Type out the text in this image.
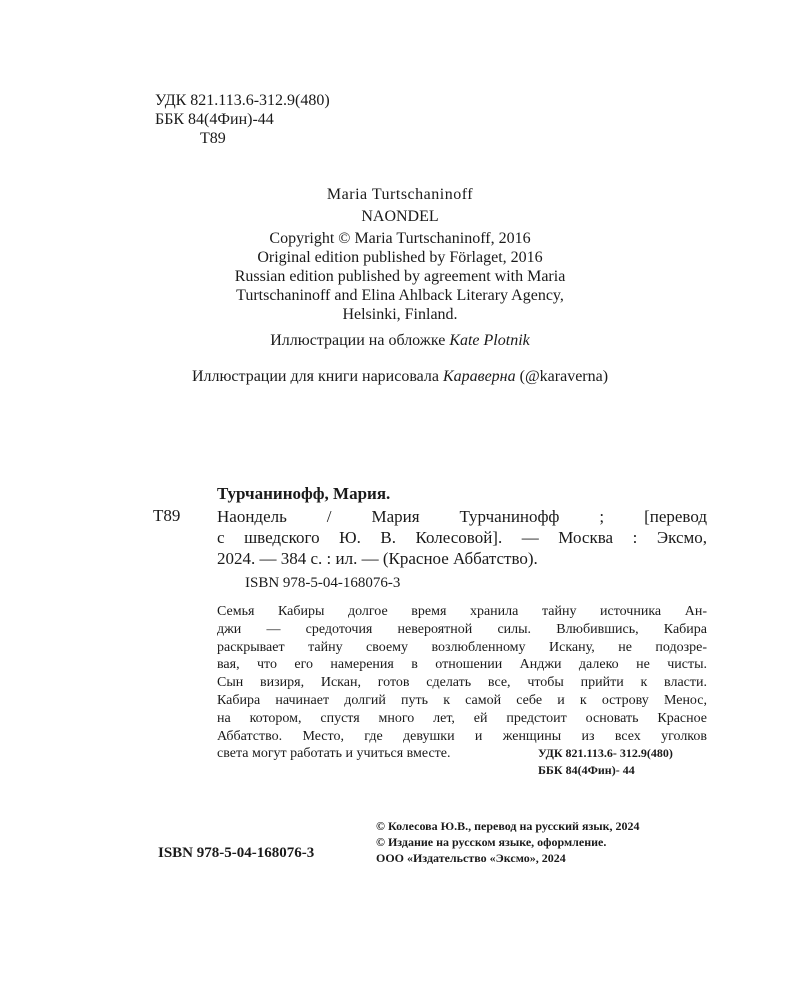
УДК 821.113.6-312.9(480)
ББК 84(4Фин)-44
Т89
Maria Turtschaninoff
NAONDEL
Copyright © Maria Turtschaninoff, 2016
Original edition published by Förlaget, 2016
Russian edition published by agreement with Maria
Turtschaninoff and Elina Ahlback Literary Agency,
Helsinki, Finland.
Иллюстрации на обложке Kate Plotnik
Иллюстрации для книги нарисовала Караверна (@karaverna)
Турчанинофф, Мария.
Т89 Наондель / Мария Турчанинофф ; [перевод
с шведского Ю. В. Колесовой]. — Москва : Эксмо,
2024. — 384 с. : ил. — (Красное Аббатство).
ISBN 978-5-04-168076-3
Семья Кабиры долгое время хранила тайну источника Ан-
джи — средоточия невероятной силы. Влюбившись, Кабира
раскрывает тайну своему возлюбленному Искану, не подозре-
вая, что его намерения в отношении Анджи далеко не чисты.
Сын визиря, Искан, готов сделать все, чтобы прийти к власти.
Кабира начинает долгий путь к самой себе и к острову Менос,
на котором, спустя много лет, ей предстоит основать Красное
Аббатство. Место, где девушки и женщины из всех уголков
света могут работать и учиться вместе.	УДК 821.113.6- 312.9(480)
ББК 84(4Фин)- 44
ISBN 978-5-04-168076-3
© Колесова Ю.В., перевод на русский язык, 2024
© Издание на русском языке, оформление.
ООО «Издательство «Эксмо», 2024
